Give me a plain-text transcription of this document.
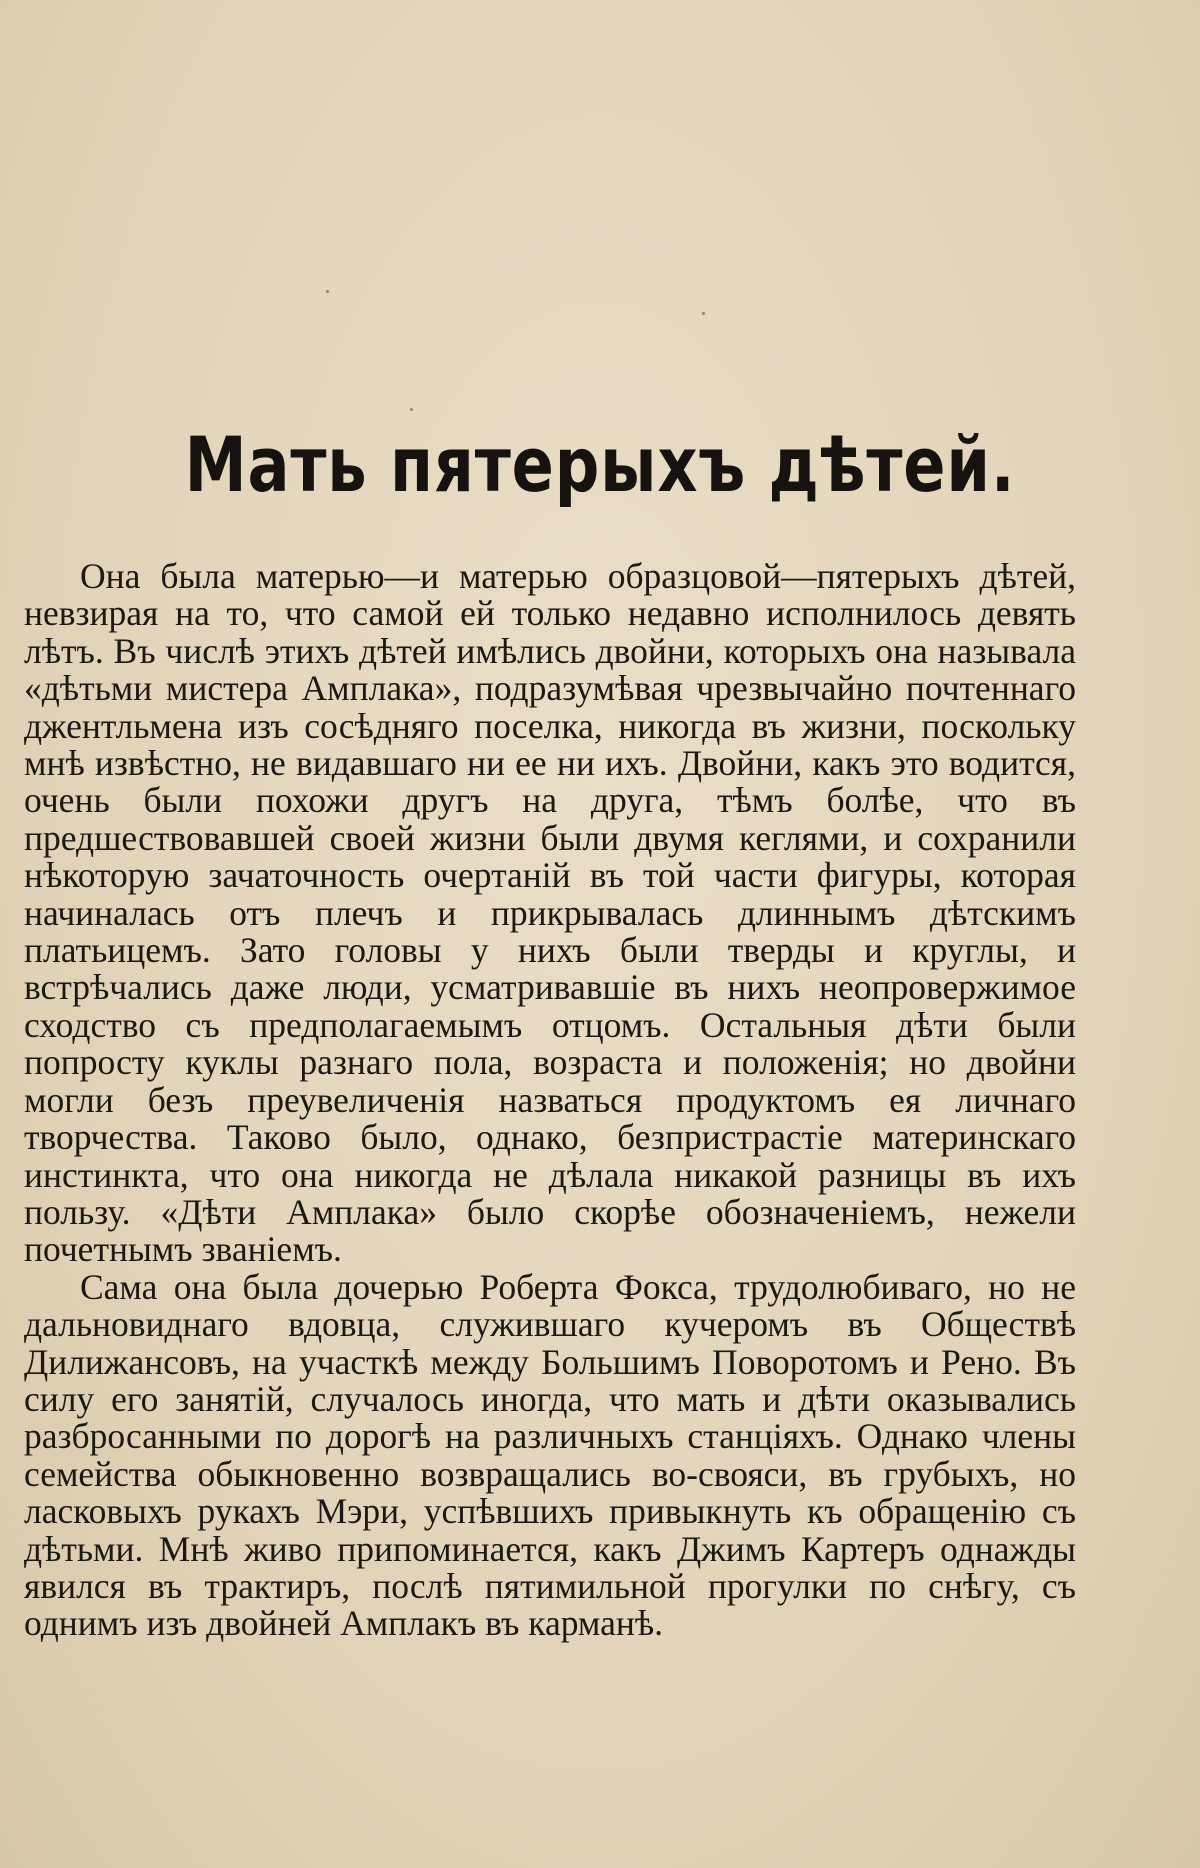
Мать пятерыхъ дѣтей.

Она была матерью—и матерью образцовой—пятерыхъ дѣтей, невзирая на то, что самой ей только недавно исполнилось девять лѣтъ. Въ числѣ этихъ дѣтей имѣлись двойни, которыхъ она называла «дѣтьми мистера Амплака», подразумѣвая чрезвычайно почтеннаго джентльмена изъ сосѣдняго поселка, никогда въ жизни, поскольку мнѣ извѣстно, не видавшаго ни ее ни ихъ. Двойни, какъ это водится, очень были похожи другъ на друга, тѣмъ болѣе, что въ предшествовавшей своей жизни были двумя кеглями, и сохранили нѣкоторую зачаточность очертаній въ той части фигуры, которая начиналась отъ плечъ и прикрывалась длиннымъ дѣтскимъ платьицемъ. Зато головы у нихъ были тверды и круглы, и встрѣчались даже люди, усматривавшіе въ нихъ неопровержимое сходство съ предполагаемымъ отцомъ. Остальныя дѣти были попросту куклы разнаго пола, возраста и положенія; но двойни могли безъ преувеличенія назваться продуктомъ ея личнаго творчества. Таково было, однако, безпристрастіе материнскаго инстинкта, что она никогда не дѣлала никакой разницы въ ихъ пользу. «Дѣти Амплака» было скорѣе обозначеніемъ, нежели почетнымъ званіемъ.

Сама она была дочерью Роберта Фокса, трудолюбиваго, но не дальновиднаго вдовца, служившаго кучеромъ въ Обществѣ Дилижансовъ, на участкѣ между Большимъ Поворотомъ и Рено. Въ силу его занятій, случалось иногда, что мать и дѣти оказывались разбросанными по дорогѣ на различныхъ станціяхъ. Однако члены семейства обыкновенно возвращались во-свояси, въ грубыхъ, но ласковыхъ рукахъ Мэри, успѣвшихъ привыкнуть къ обращенію съ дѣтьми. Мнѣ живо припоминается, какъ Джимъ Картеръ однажды явился въ трактиръ, послѣ пятимильной прогулки по снѣгу, съ однимъ изъ двойней Амплакъ въ карманѣ.
